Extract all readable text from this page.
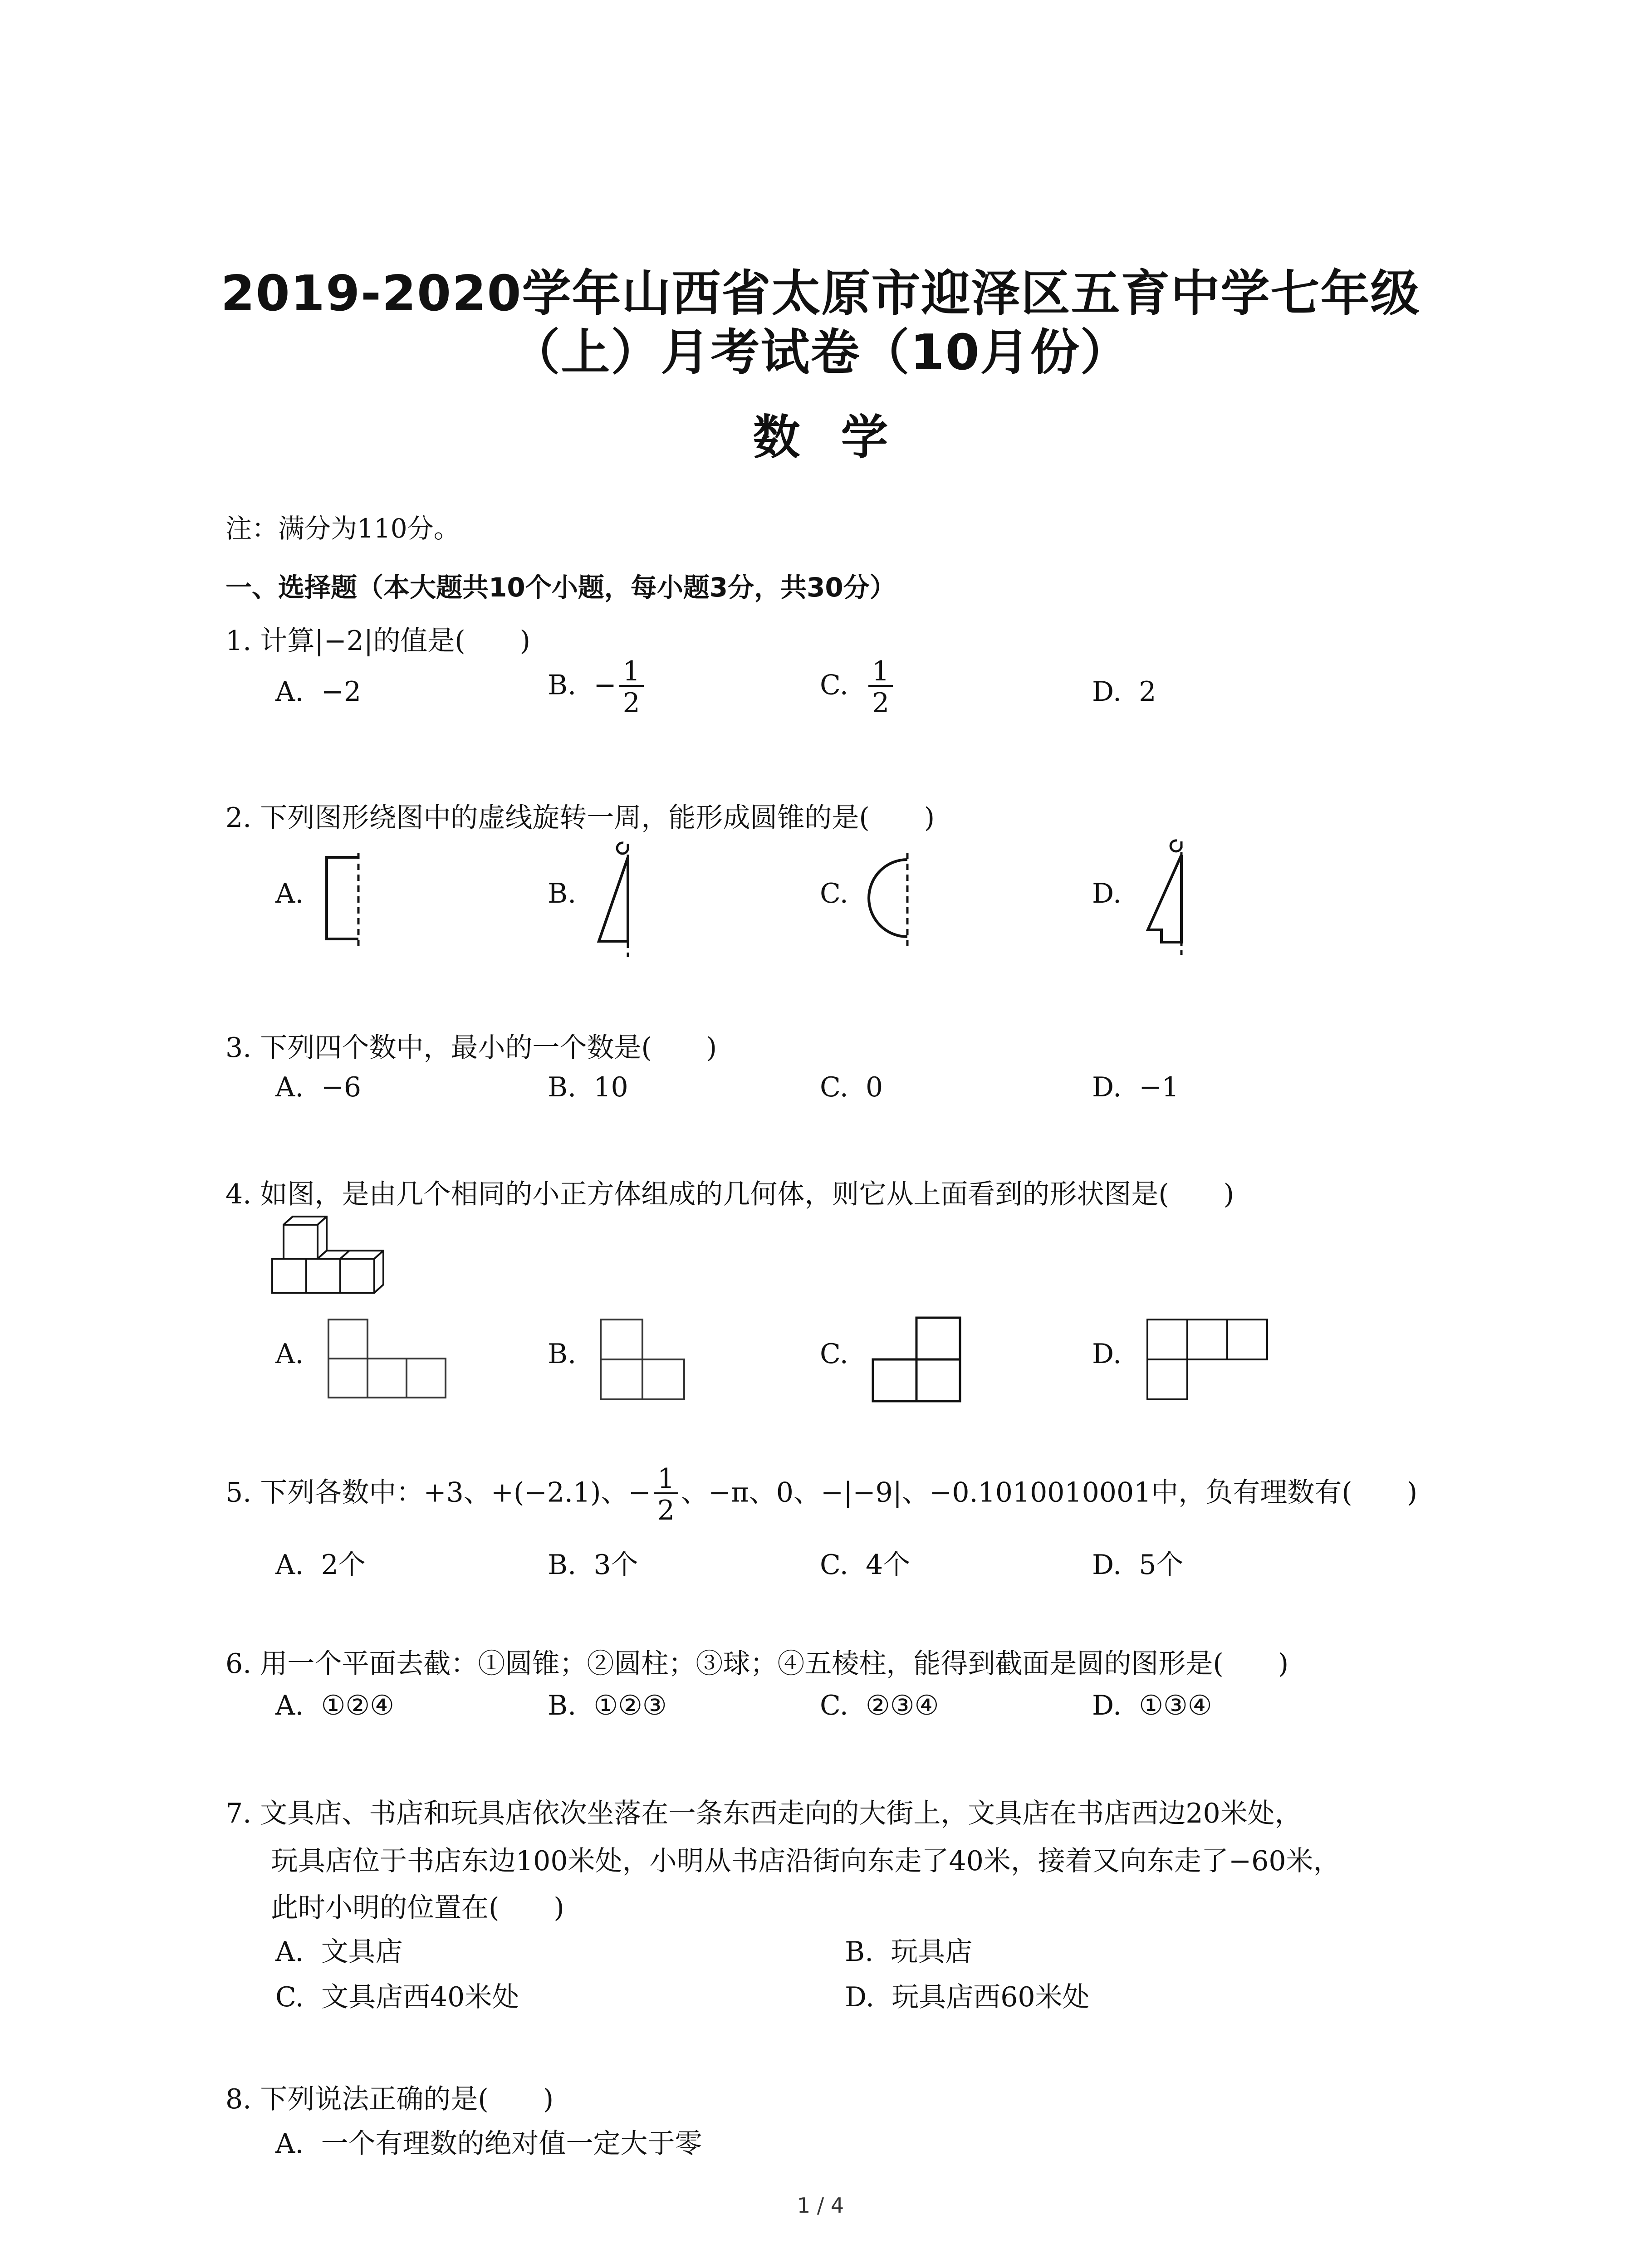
2019-2020学年山西省太原市迎泽区五育中学七年级
（上）月考试卷（10月份）
数学
注：满分为110分。
一、选择题（本大题共10个小题，每小题3分，共30分）
1. 计算|−2|的值是(　　)
A. −2	B. − $\frac{1}{2}$	C. $\frac{1}{2}$	D. 2
2. 下列图形绕图中的虚线旋转一周，能形成圆锥的是(　　)
A.	B.	C.	D.
3. 下列四个数中，最小的一个数是(　　)
A. −6	B. 10	C. 0	D. −1
4. 如图，是由几个相同的小正方体组成的几何体，则它从上面看到的形状图是(　　)
A.	B.	C.	D.
5. 下列各数中：+3、+(−2.1)、− $\frac{1}{2}$ 、−π、0、−|−9|、−0.1010010001中，负有理数有(　　)
A. 2个	B. 3个	C. 4个	D. 5个
6. 用一个平面去截：①圆锥；②圆柱；③球；④五棱柱，能得到截面是圆的图形是(　　)
A. ①②④	B. ①②③	C. ②③④	D. ①③④
7. 文具店、书店和玩具店依次坐落在一条东西走向的大街上，文具店在书店西边20米处，
玩具店位于书店东边100米处，小明从书店沿街向东走了40米，接着又向东走了−60米，
此时小明的位置在(　　)
A. 文具店	B. 玩具店
C. 文具店西40米处	D. 玩具店西60米处
8. 下列说法正确的是(　　)
A. 一个有理数的绝对值一定大于零
1 / 4
